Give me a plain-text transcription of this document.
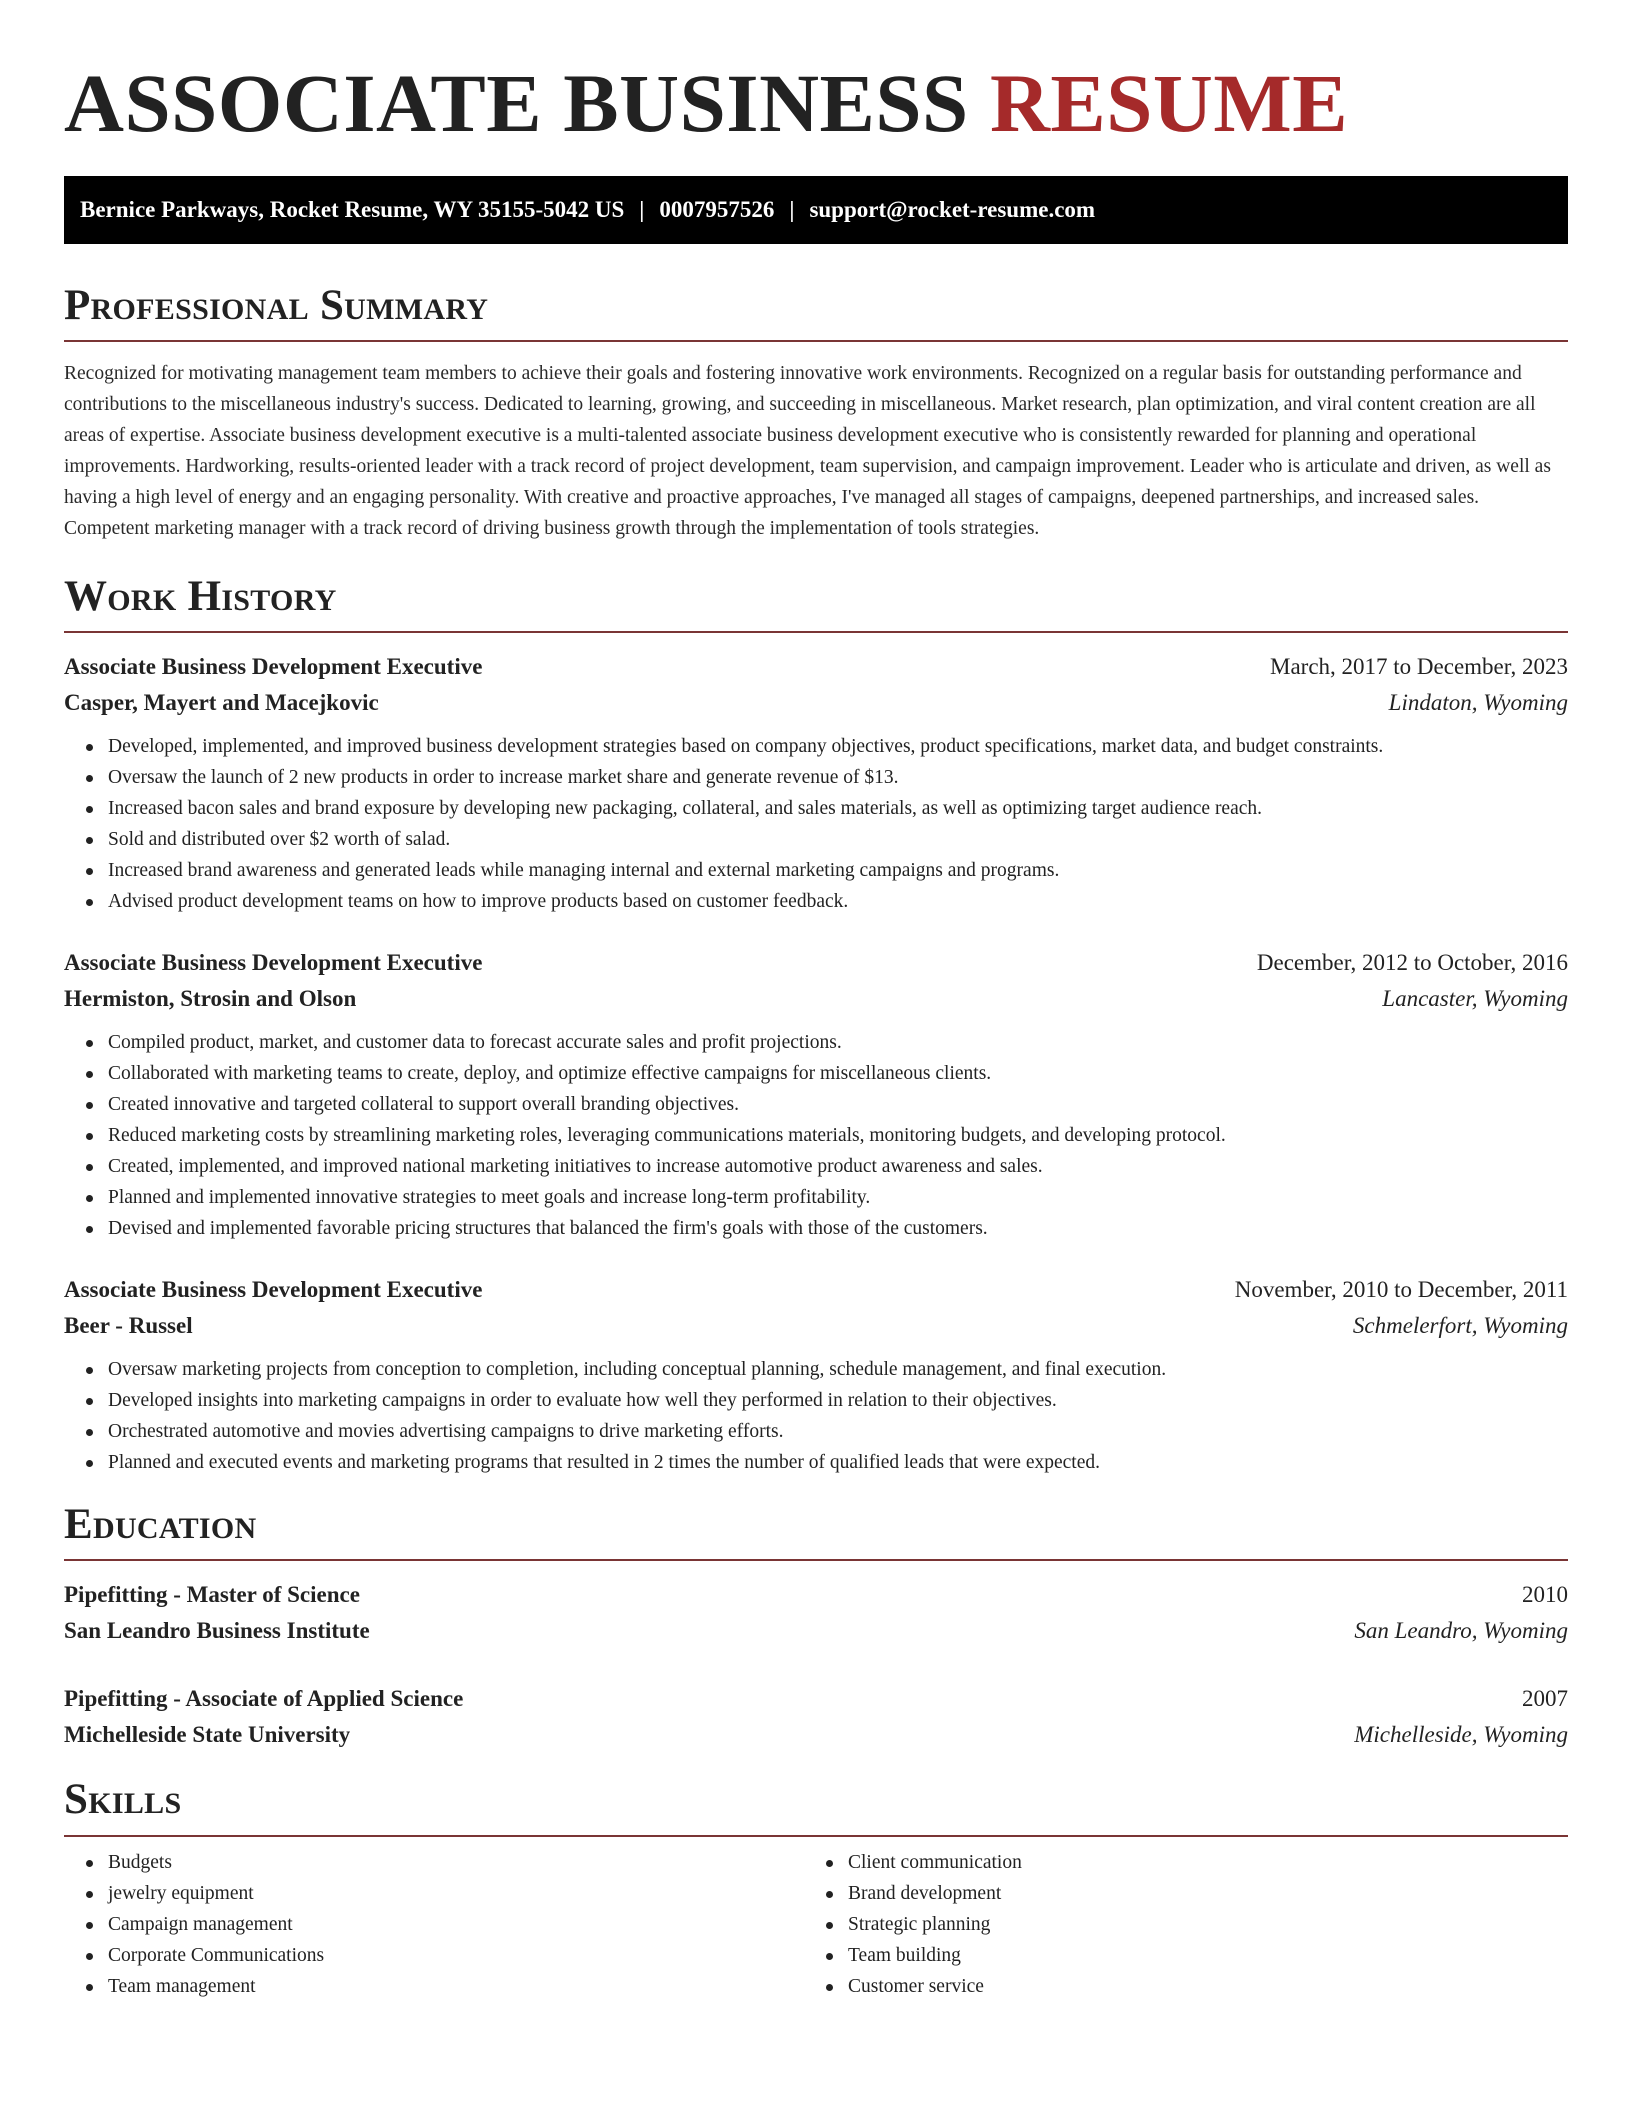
ASSOCIATE BUSINESS RESUME
Bernice Parkways, Rocket Resume, WY 35155-5042 US | 0007957526 | support@rocket-resume.com
Professional Summary

Recognized for motivating management team members to achieve their goals and fostering innovative work environments. Recognized on a regular basis for outstanding performance and contributions to the miscellaneous industry's success. Dedicated to learning, growing, and succeeding in miscellaneous. Market research, plan optimization, and viral content creation are all areas of expertise. Associate business development executive is a multi-talented associate business development executive who is consistently rewarded for planning and operational improvements. Hardworking, results-oriented leader with a track record of project development, team supervision, and campaign improvement. Leader who is articulate and driven, as well as having a high level of energy and an engaging personality. With creative and proactive approaches, I've managed all stages of campaigns, deepened partnerships, and increased sales. Competent marketing manager with a track record of driving business growth through the implementation of tools strategies.

Work History
Associate Business Development Executive	March, 2017 to December, 2023
Casper, Mayert and Macejkovic	Lindaton, Wyoming
Developed, implemented, and improved business development strategies based on company objectives, product specifications, market data, and budget constraints.
Oversaw the launch of 2 new products in order to increase market share and generate revenue of $13.
Increased bacon sales and brand exposure by developing new packaging, collateral, and sales materials, as well as optimizing target audience reach.
Sold and distributed over $2 worth of salad.
Increased brand awareness and generated leads while managing internal and external marketing campaigns and programs.
Advised product development teams on how to improve products based on customer feedback.
Associate Business Development Executive	December, 2012 to October, 2016
Hermiston, Strosin and Olson	Lancaster, Wyoming
Compiled product, market, and customer data to forecast accurate sales and profit projections.
Collaborated with marketing teams to create, deploy, and optimize effective campaigns for miscellaneous clients.
Created innovative and targeted collateral to support overall branding objectives.
Reduced marketing costs by streamlining marketing roles, leveraging communications materials, monitoring budgets, and developing protocol.
Created, implemented, and improved national marketing initiatives to increase automotive product awareness and sales.
Planned and implemented innovative strategies to meet goals and increase long-term profitability.
Devised and implemented favorable pricing structures that balanced the firm's goals with those of the customers.
Associate Business Development Executive	November, 2010 to December, 2011
Beer - Russel	Schmelerfort, Wyoming
Oversaw marketing projects from conception to completion, including conceptual planning, schedule management, and final execution.
Developed insights into marketing campaigns in order to evaluate how well they performed in relation to their objectives.
Orchestrated automotive and movies advertising campaigns to drive marketing efforts.
Planned and executed events and marketing programs that resulted in 2 times the number of qualified leads that were expected.
Education
Pipefitting - Master of Science	2010
San Leandro Business Institute	San Leandro, Wyoming
Pipefitting - Associate of Applied Science	2007
Michelleside State University	Michelleside, Wyoming
Skills
Budgets
jewelry equipment
Campaign management
Corporate Communications
Team management
Client communication
Brand development
Strategic planning
Team building
Customer service
